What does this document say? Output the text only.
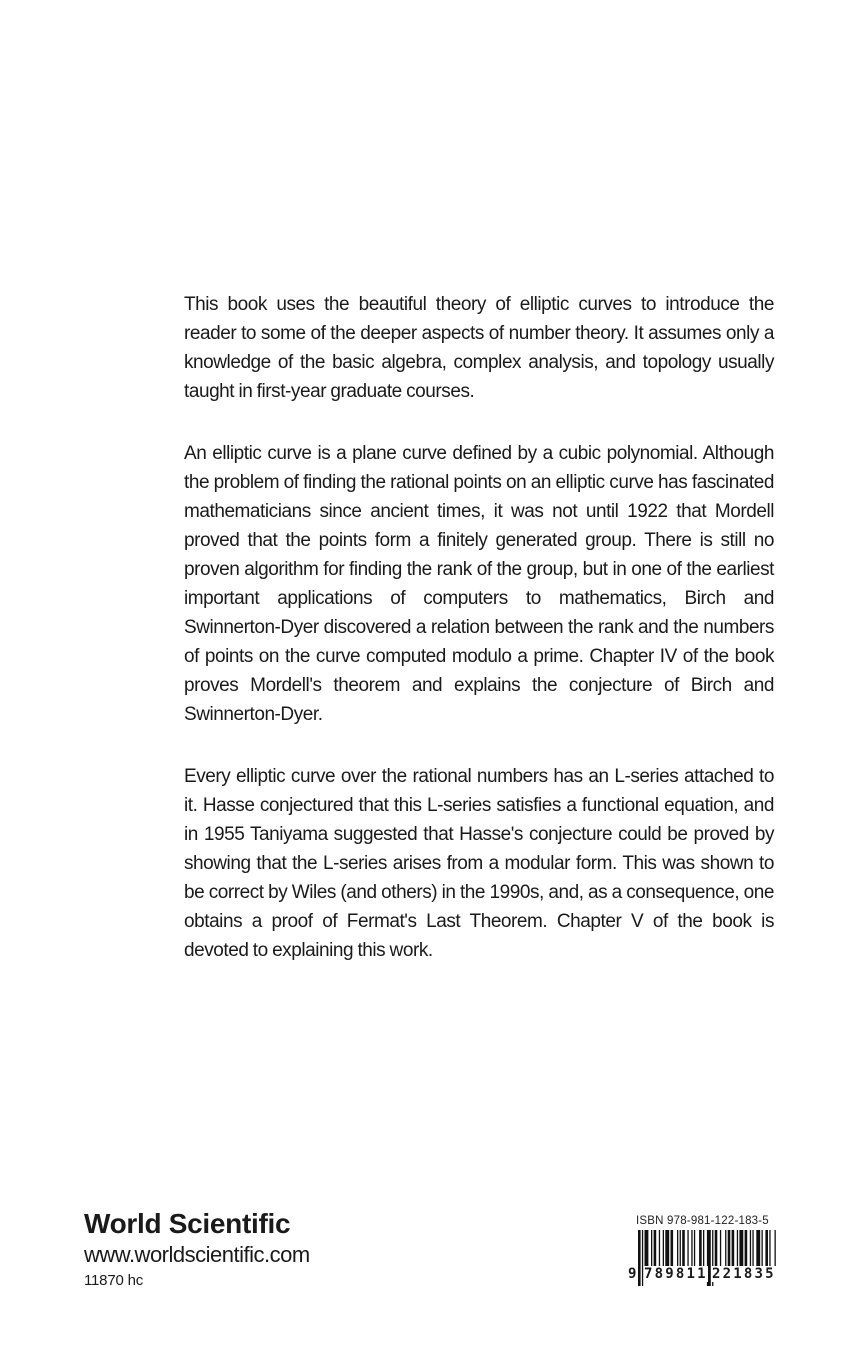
This book uses the beautiful theory of elliptic curves to introduce the reader to some of the deeper aspects of number theory. It assumes only a knowledge of the basic algebra, complex analysis, and topology usually taught in first-year graduate courses.

An elliptic curve is a plane curve defined by a cubic polynomial. Although the problem of finding the rational points on an elliptic curve has fascinated mathematicians since ancient times, it was not until 1922 that Mordell proved that the points form a finitely generated group. There is still no proven algorithm for finding the rank of the group, but in one of the earliest important applications of computers to mathematics, Birch and Swinnerton-Dyer discovered a relation between the rank and the numbers of points on the curve computed modulo a prime. Chapter IV of the book proves Mordell's theorem and explains the conjecture of Birch and Swinnerton-Dyer.

Every elliptic curve over the rational numbers has an L-series attached to it. Hasse conjectured that this L-series satisfies a functional equation, and in 1955 Taniyama suggested that Hasse's conjecture could be proved by showing that the L-series arises from a modular form. This was shown to be correct by Wiles (and others) in the 1990s, and, as a consequence, one obtains a proof of Fermat's Last Theorem. Chapter V of the book is devoted to explaining this work.

World Scientific
www.worldscientific.com
11870 hc
ISBN 978-981-122-183-5
9 789811 221835
